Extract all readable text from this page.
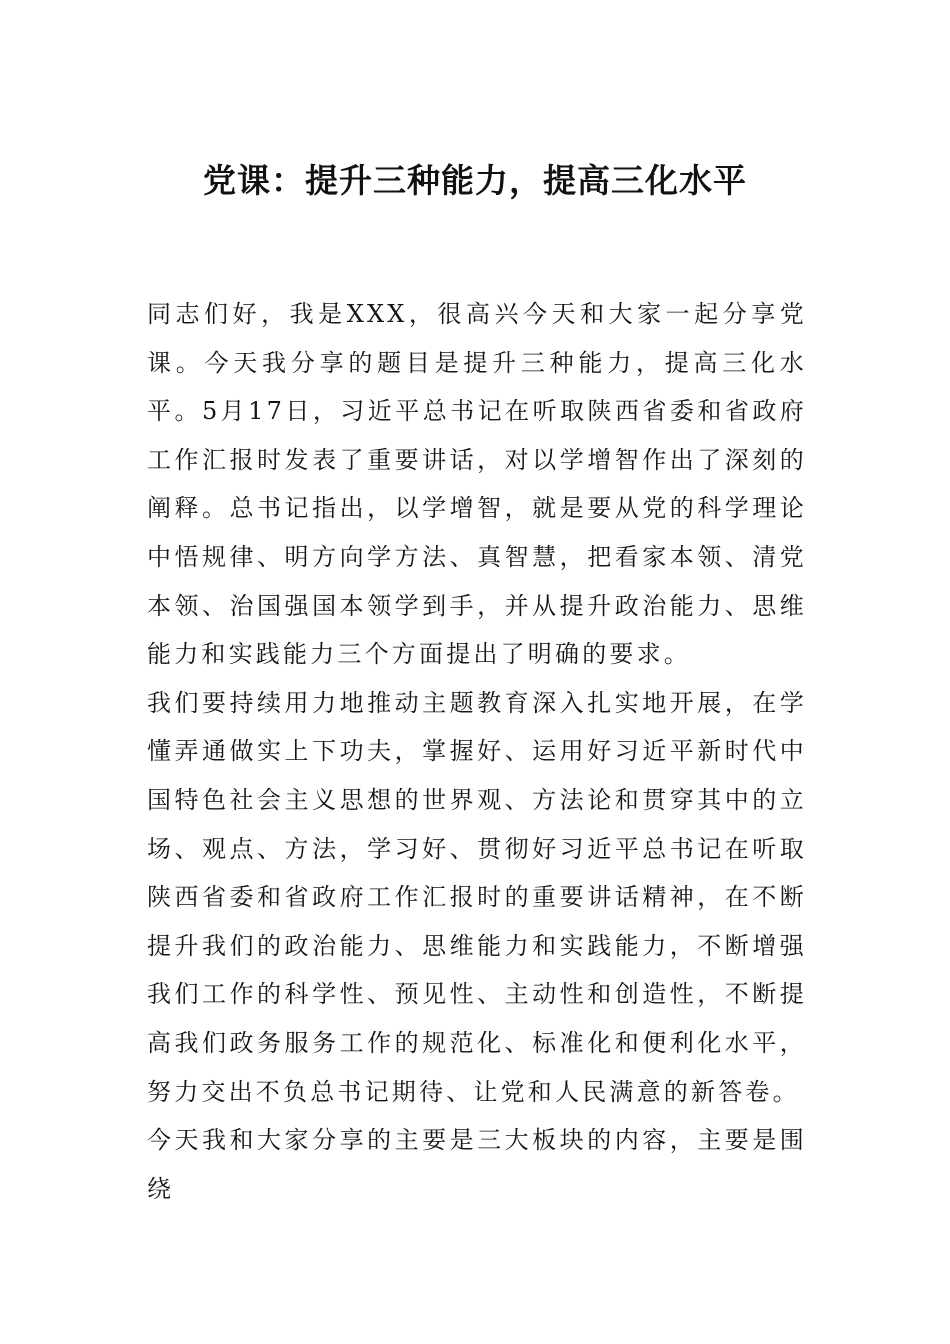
党课：提升三种能力，提高三化水平

同志们好，我是XXX，很高兴今天和大家一起分享党课。今天我分享的题目是提升三种能力，提高三化水平。5月17日，习近平总书记在听取陕西省委和省政府工作汇报时发表了重要讲话，对以学增智作出了深刻的阐释。总书记指出，以学增智，就是要从党的科学理论中悟规律、明方向学方法、真智慧，把看家本领、清党本领、治国强国本领学到手，并从提升政治能力、思维能力和实践能力三个方面提出了明确的要求。

我们要持续用力地推动主题教育深入扎实地开展，在学懂弄通做实上下功夫，掌握好、运用好习近平新时代中国特色社会主义思想的世界观、方法论和贯穿其中的立场、观点、方法，学习好、贯彻好习近平总书记在听取陕西省委和省政府工作汇报时的重要讲话精神，在不断提升我们的政治能力、思维能力和实践能力，不断增强我们工作的科学性、预见性、主动性和创造性，不断提高我们政务服务工作的规范化、标准化和便利化水平，努力交出不负总书记期待、让党和人民满意的新答卷。

今天我和大家分享的主要是三大板块的内容，主要是围绕
